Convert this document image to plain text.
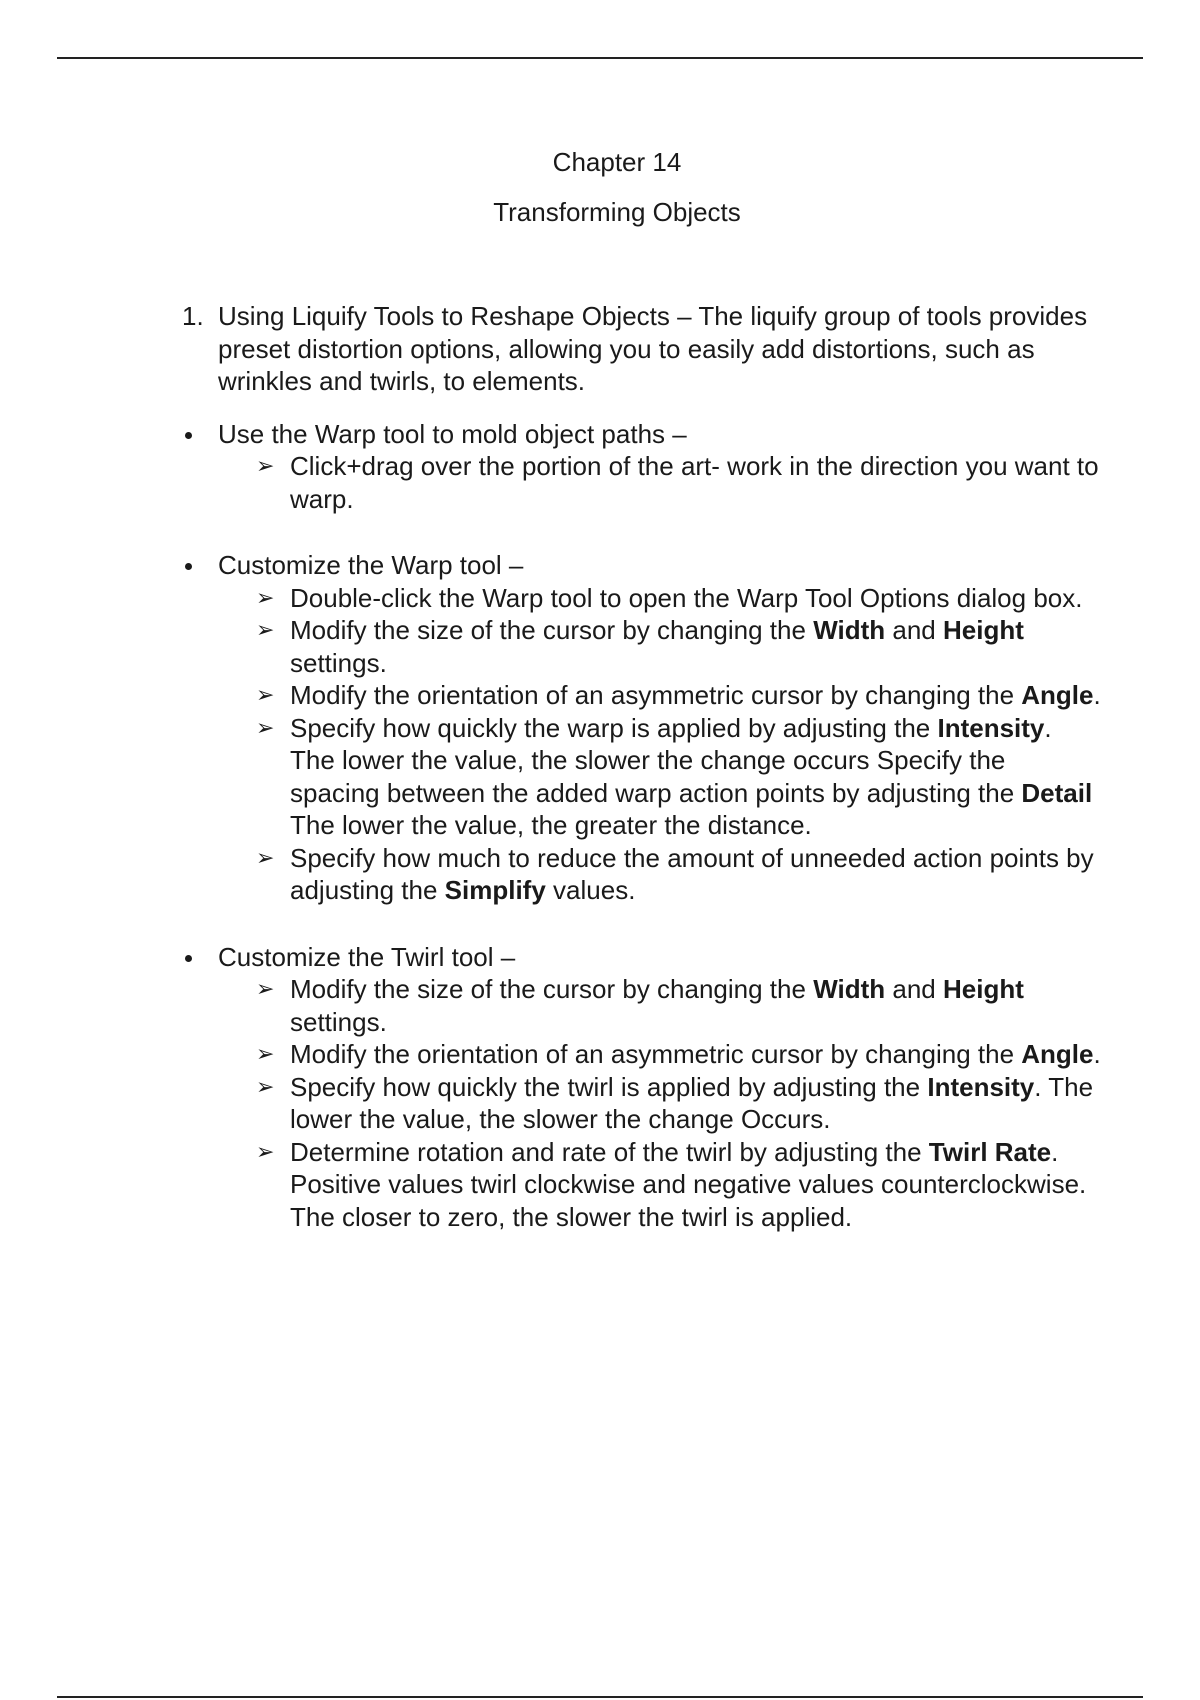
Chapter 14
Transforming Objects
1. Using Liquify Tools to Reshape Objects – The liquify group of tools provides preset distortion options, allowing you to easily add distortions, such as wrinkles and twirls, to elements.
Use the Warp tool to mold object paths –
➢ Click+drag over the portion of the art- work in the direction you want to warp.
Customize the Warp tool –
➢ Double-click the Warp tool to open the Warp Tool Options dialog box.
➢ Modify the size of the cursor by changing the Width and Height settings.
➢ Modify the orientation of an asymmetric cursor by changing the Angle.
➢ Specify how quickly the warp is applied by adjusting the Intensity. The lower the value, the slower the change occurs Specify the spacing between the added warp action points by adjusting the Detail The lower the value, the greater the distance.
➢ Specify how much to reduce the amount of unneeded action points by adjusting the Simplify values.
Customize the Twirl tool –
➢ Modify the size of the cursor by changing the Width and Height settings.
➢ Modify the orientation of an asymmetric cursor by changing the Angle.
➢ Specify how quickly the twirl is applied by adjusting the Intensity. The lower the value, the slower the change Occurs.
➢ Determine rotation and rate of the twirl by adjusting the Twirl Rate. Positive values twirl clockwise and negative values counterclockwise. The closer to zero, the slower the twirl is applied.
